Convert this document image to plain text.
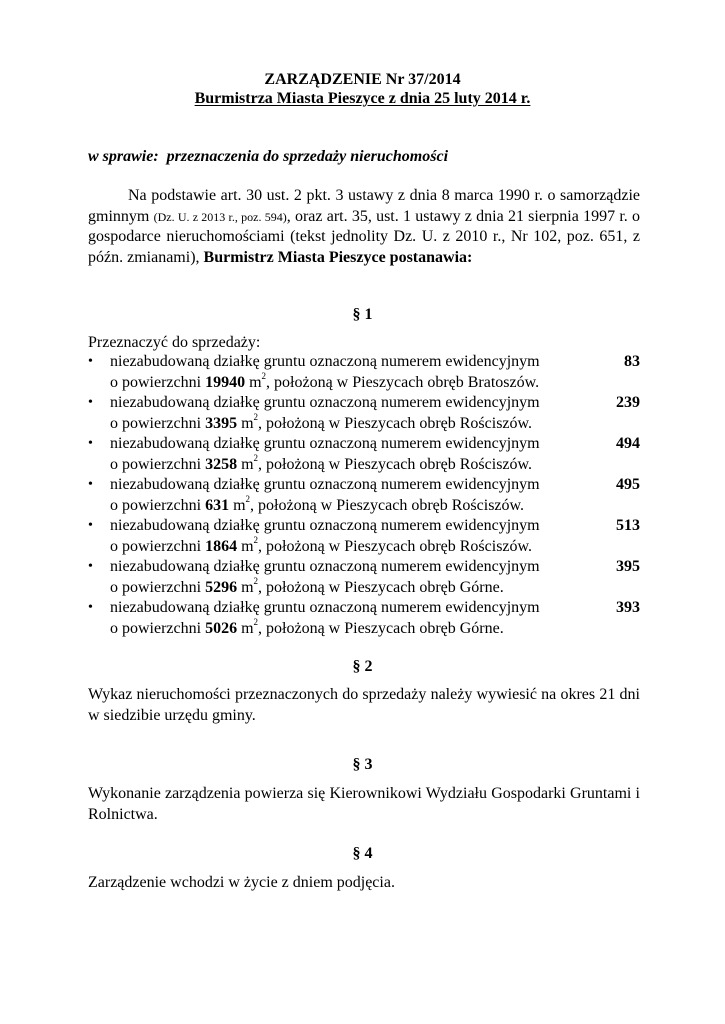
ZARZĄDZENIE Nr 37/2014
Burmistrza Miasta Pieszyce z dnia 25 luty 2014 r.
w sprawie:  przeznaczenia do sprzedaży nieruchomości
Na podstawie art. 30 ust. 2 pkt. 3 ustawy z dnia 8 marca 1990 r. o samorządzie gminnym (Dz. U. z 2013 r., poz. 594), oraz art. 35, ust. 1 ustawy z dnia 21 sierpnia 1997 r. o gospodarce nieruchomościami (tekst jednolity Dz. U. z 2010 r., Nr 102, poz. 651, z późn. zmianami), Burmistrz Miasta Pieszyce postanawia:
§ 1
Przeznaczyć do sprzedaży:
• niezabudowaną działkę gruntu oznaczoną numerem ewidencyjnym	83
o powierzchni 19940 $m^2$, położoną w Pieszycach obręb Bratoszów.
• niezabudowaną działkę gruntu oznaczoną numerem ewidencyjnym	239
o powierzchni 3395 $m^2$, położoną w Pieszycach obręb Rościszów.
• niezabudowaną działkę gruntu oznaczoną numerem ewidencyjnym	494
o powierzchni 3258 $m^2$, położoną w Pieszycach obręb Rościszów.
• niezabudowaną działkę gruntu oznaczoną numerem ewidencyjnym	495
o powierzchni 631 $m^2$, położoną w Pieszycach obręb Rościszów.
• niezabudowaną działkę gruntu oznaczoną numerem ewidencyjnym	513
o powierzchni 1864 $m^2$, położoną w Pieszycach obręb Rościszów.
• niezabudowaną działkę gruntu oznaczoną numerem ewidencyjnym	395
o powierzchni 5296 $m^2$, położoną w Pieszycach obręb Górne.
• niezabudowaną działkę gruntu oznaczoną numerem ewidencyjnym	393
o powierzchni 5026 $m^2$, położoną w Pieszycach obręb Górne.
§ 2
Wykaz nieruchomości przeznaczonych do sprzedaży należy wywiesić na okres 21 dni w siedzibie urzędu gminy.
§ 3
Wykonanie zarządzenia powierza się Kierownikowi Wydziału Gospodarki Gruntami i Rolnictwa.
§ 4
Zarządzenie wchodzi w życie z dniem podjęcia.
